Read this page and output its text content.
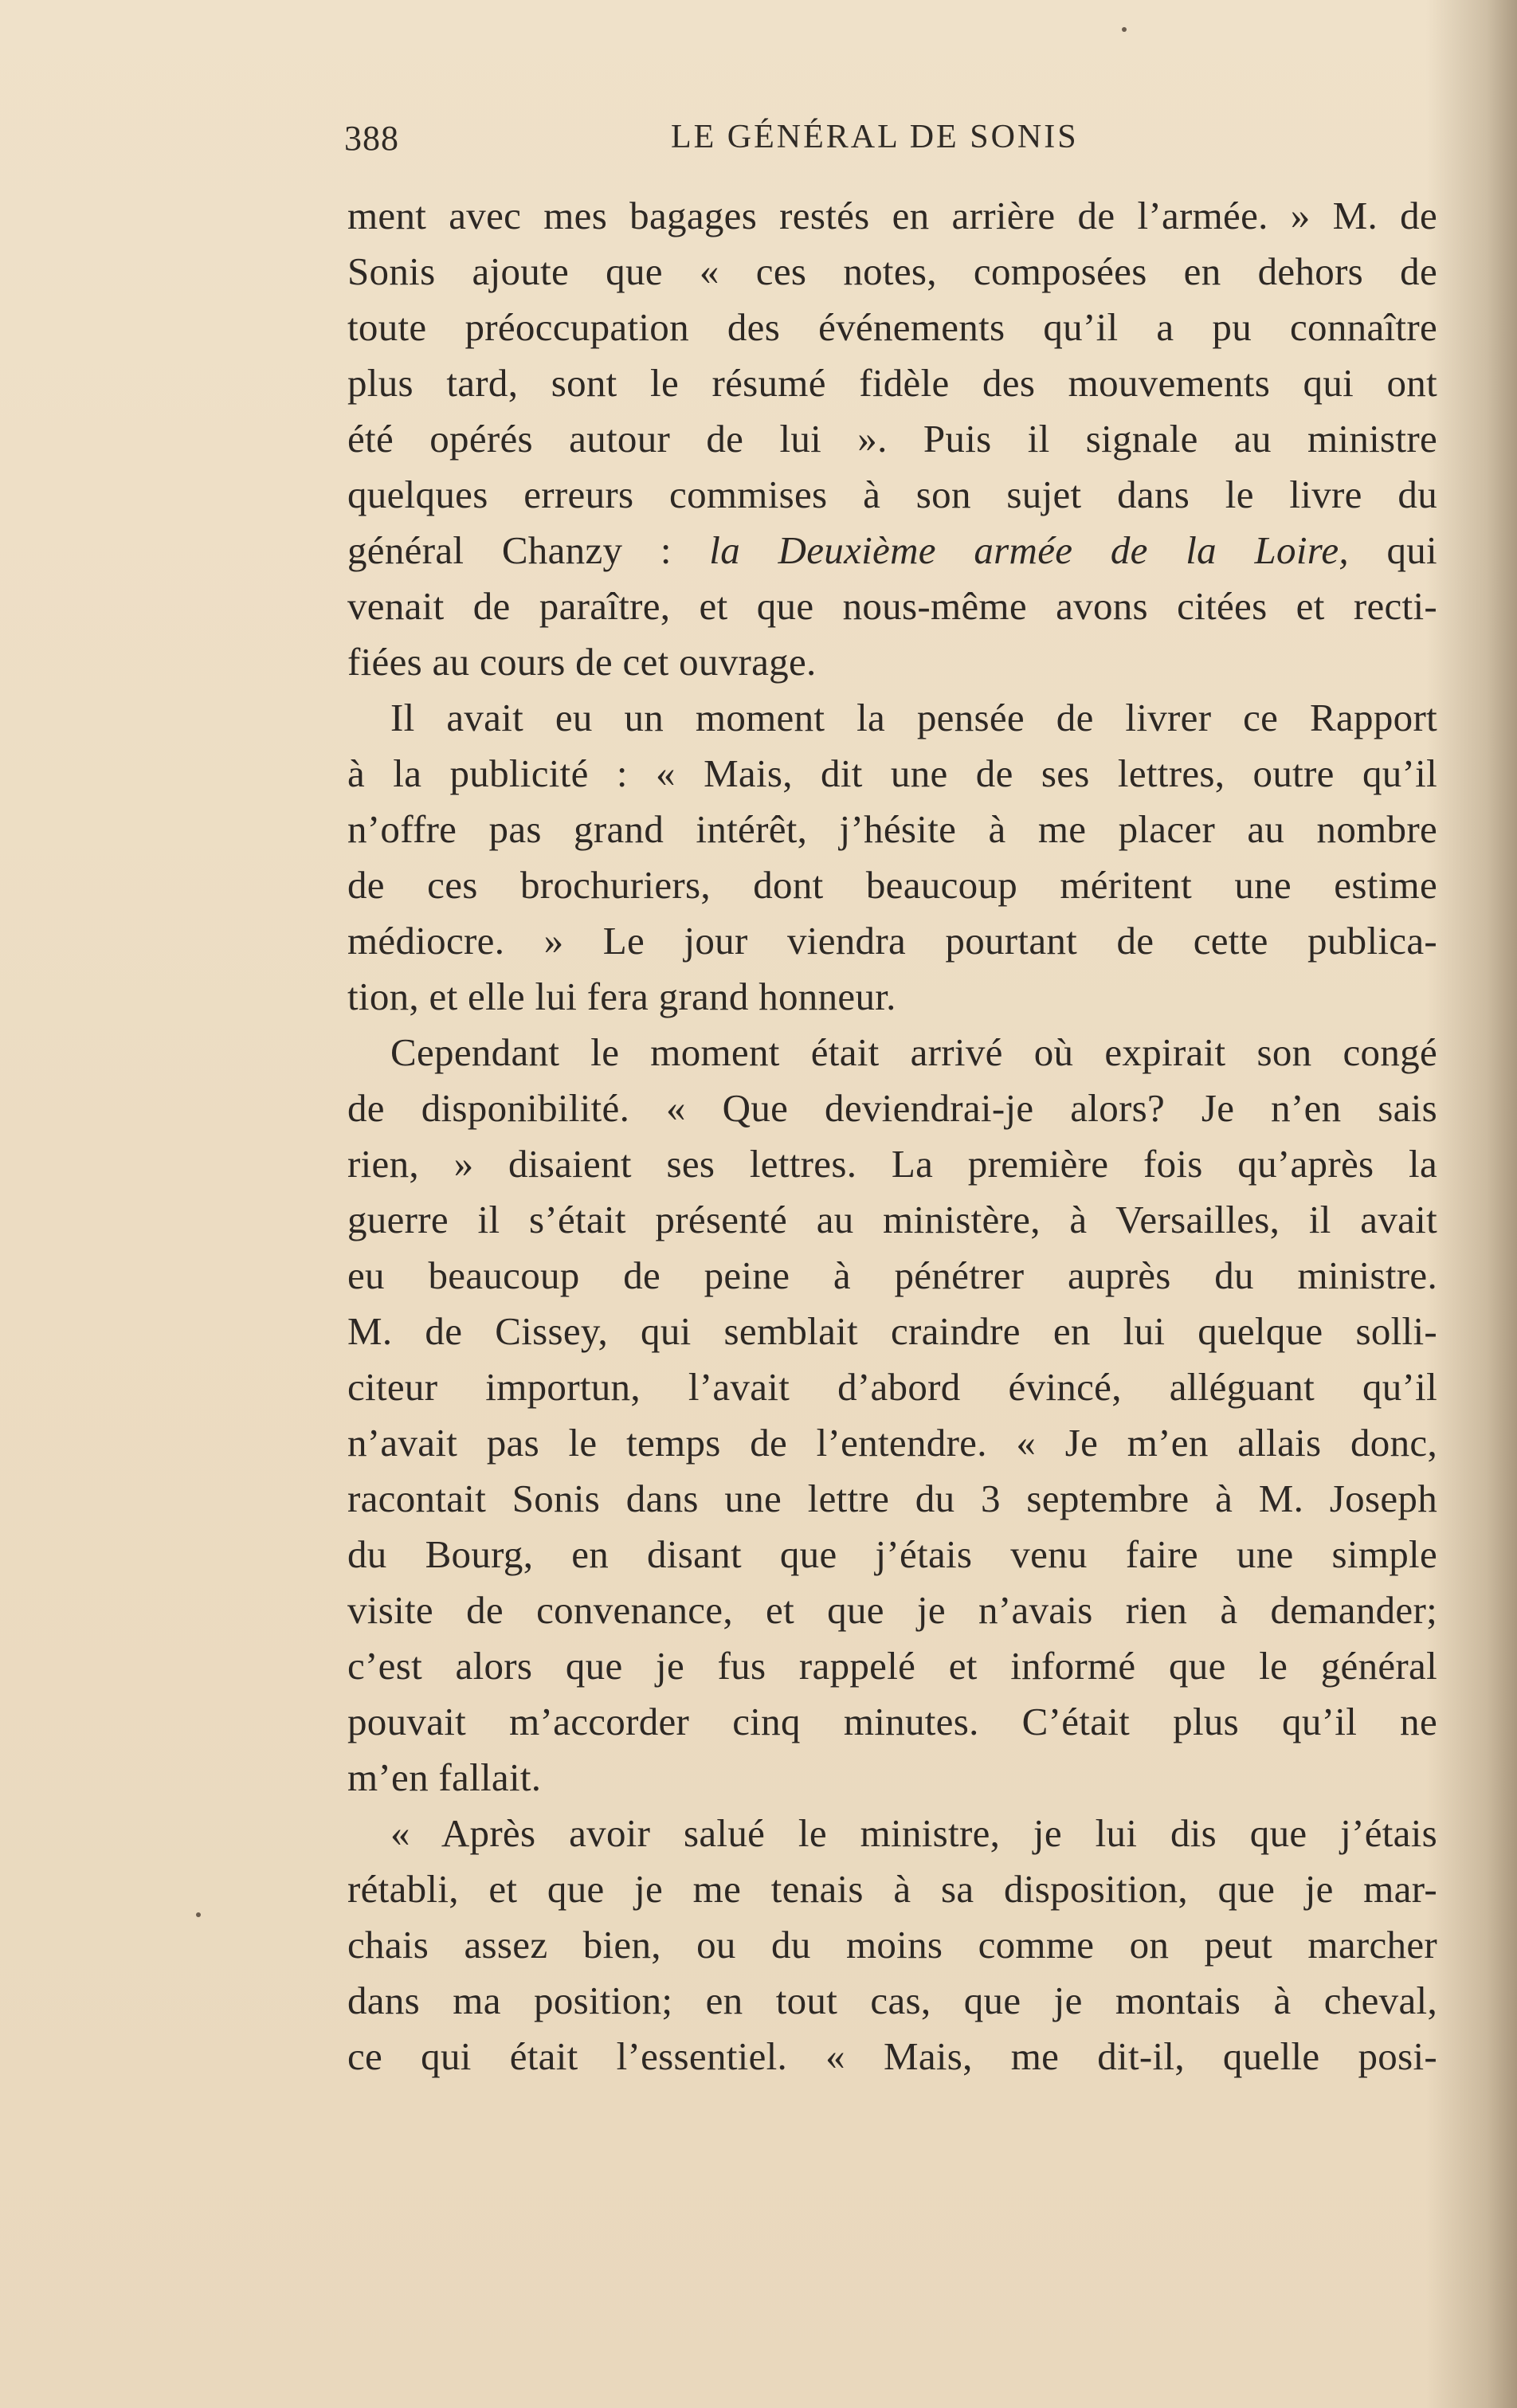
388	LE GÉNÉRAL DE SONIS
ment avec mes bagages restés en arrière de l’armée. » M. de
Sonis ajoute que « ces notes, composées en dehors de
toute préoccupation des événements qu’il a pu connaître
plus tard, sont le résumé fidèle des mouvements qui ont
été opérés autour de lui ». Puis il signale au ministre
quelques erreurs commises à son sujet dans le livre du
général Chanzy : la Deuxième armée de la Loire, qui
venait de paraître, et que nous-même avons citées et recti-
fiées au cours de cet ouvrage.
Il avait eu un moment la pensée de livrer ce Rapport
à la publicité : « Mais, dit une de ses lettres, outre qu’il
n’offre pas grand intérêt, j’hésite à me placer au nombre
de ces brochuriers, dont beaucoup méritent une estime
médiocre. » Le jour viendra pourtant de cette publica-
tion, et elle lui fera grand honneur.
Cependant le moment était arrivé où expirait son congé
de disponibilité. « Que deviendrai-je alors? Je n’en sais
rien, » disaient ses lettres. La première fois qu’après la
guerre il s’était présenté au ministère, à Versailles, il avait
eu beaucoup de peine à pénétrer auprès du ministre.
M. de Cissey, qui semblait craindre en lui quelque solli-
citeur importun, l’avait d’abord évincé, alléguant qu’il
n’avait pas le temps de l’entendre. « Je m’en allais donc,
racontait Sonis dans une lettre du 3 septembre à M. Joseph
du Bourg, en disant que j’étais venu faire une simple
visite de convenance, et que je n’avais rien à demander;
c’est alors que je fus rappelé et informé que le général
pouvait m’accorder cinq minutes. C’était plus qu’il ne
m’en fallait.
« Après avoir salué le ministre, je lui dis que j’étais
rétabli, et que je me tenais à sa disposition, que je mar-
chais assez bien, ou du moins comme on peut marcher
dans ma position; en tout cas, que je montais à cheval,
ce qui était l’essentiel. « Mais, me dit-il, quelle posi-
